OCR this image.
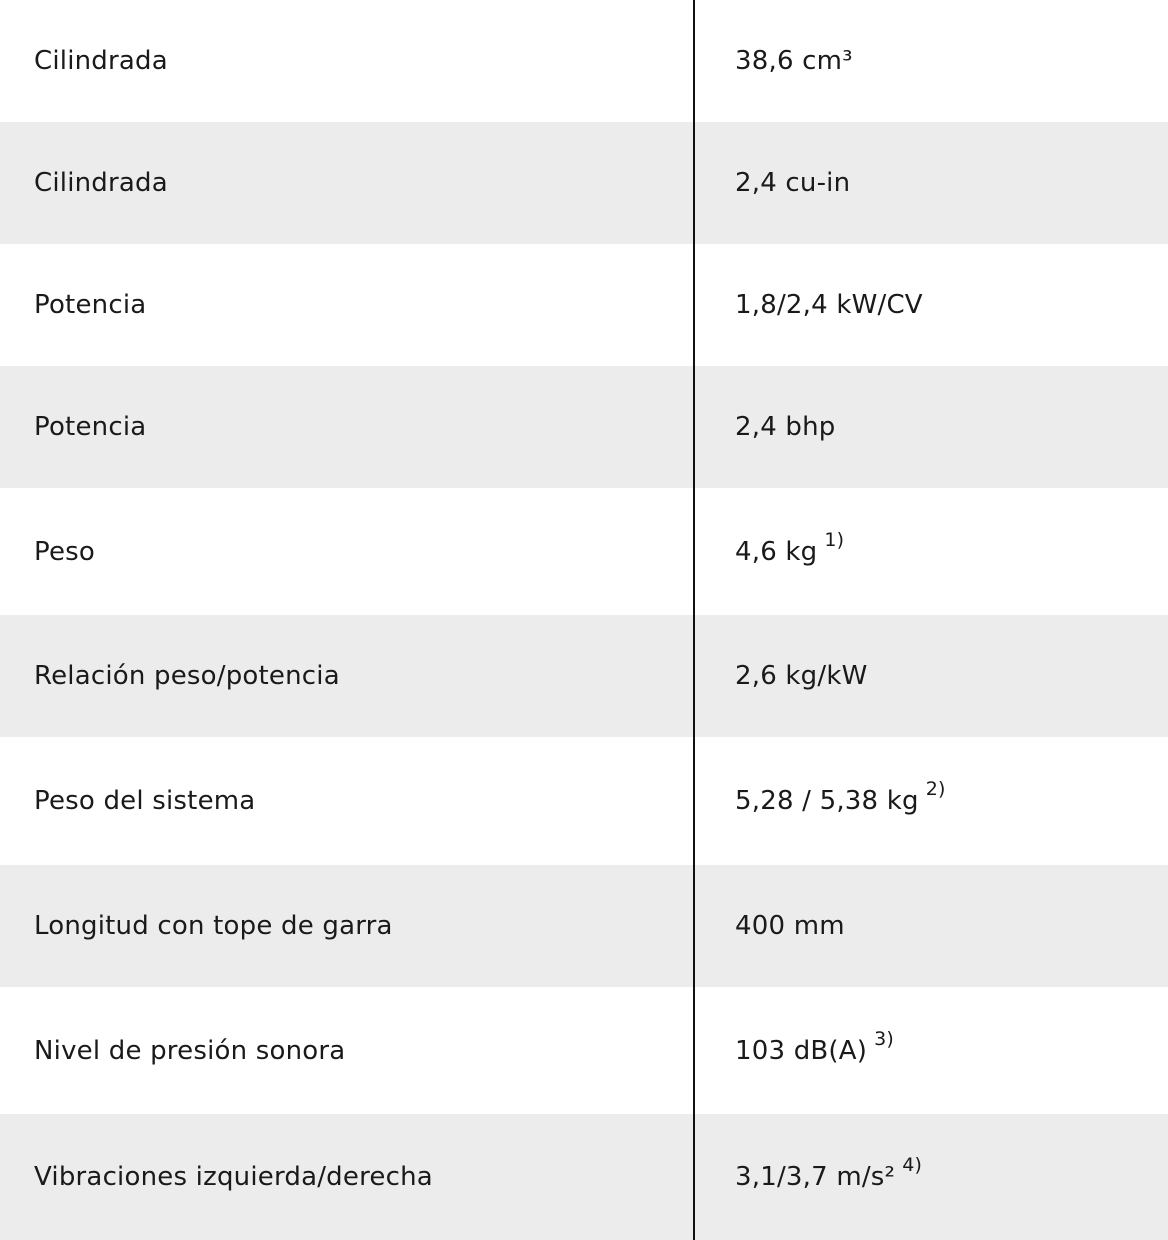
Cilindrada	38,6 cm³
Cilindrada	2,4 cu-in
Potencia	1,8/2,4 kW/CV
Potencia	2,4 bhp
Peso	4,6 kg 1)
Relación peso/potencia	2,6 kg/kW
Peso del sistema	5,28 / 5,38 kg 2)
Longitud con tope de garra	400 mm
Nivel de presión sonora	103 dB(A) 3)
Vibraciones izquierda/derecha	3,1/3,7 m/s² 4)
